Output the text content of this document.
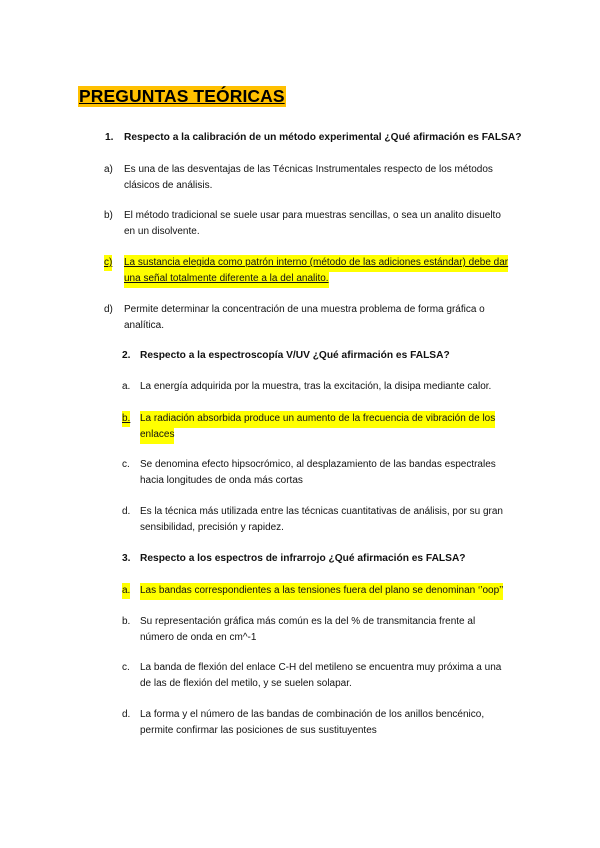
PREGUNTAS TEÓRICAS
1. Respecto a la calibración de un método experimental ¿Qué afirmación es FALSA?
a) Es una de las desventajas de las Técnicas Instrumentales respecto de los métodos
clásicos de análisis.
b) El método tradicional se suele usar para muestras sencillas, o sea un analito disuelto
en un disolvente.
c) La sustancia elegida como patrón interno (método de las adiciones estándar) debe dar
una señal totalmente diferente a la del analito.
d) Permite determinar la concentración de una muestra problema de forma gráfica o
analítica.
2. Respecto a la espectroscopía V/UV ¿Qué afirmación es FALSA?
a. La energía adquirida por la muestra, tras la excitación, la disipa mediante calor.
b. La radiación absorbida produce un aumento de la frecuencia de vibración de los
enlaces
c. Se denomina efecto hipsocrómico, al desplazamiento de las bandas espectrales
hacia longitudes de onda más cortas
d. Es la técnica más utilizada entre las técnicas cuantitativas de análisis, por su gran
sensibilidad, precisión y rapidez.
3. Respecto a los espectros de infrarrojo ¿Qué afirmación es FALSA?
a. Las bandas correspondientes a las tensiones fuera del plano se denominan ‘’oop’’
b. Su representación gráfica más común es la del % de transmitancia frente al
número de onda en cm^-1
c. La banda de flexión del enlace C-H del metileno se encuentra muy próxima a una
de las de flexión del metilo, y se suelen solapar.
d. La forma y el número de las bandas de combinación de los anillos bencénico,
permite confirmar las posiciones de sus sustituyentes
